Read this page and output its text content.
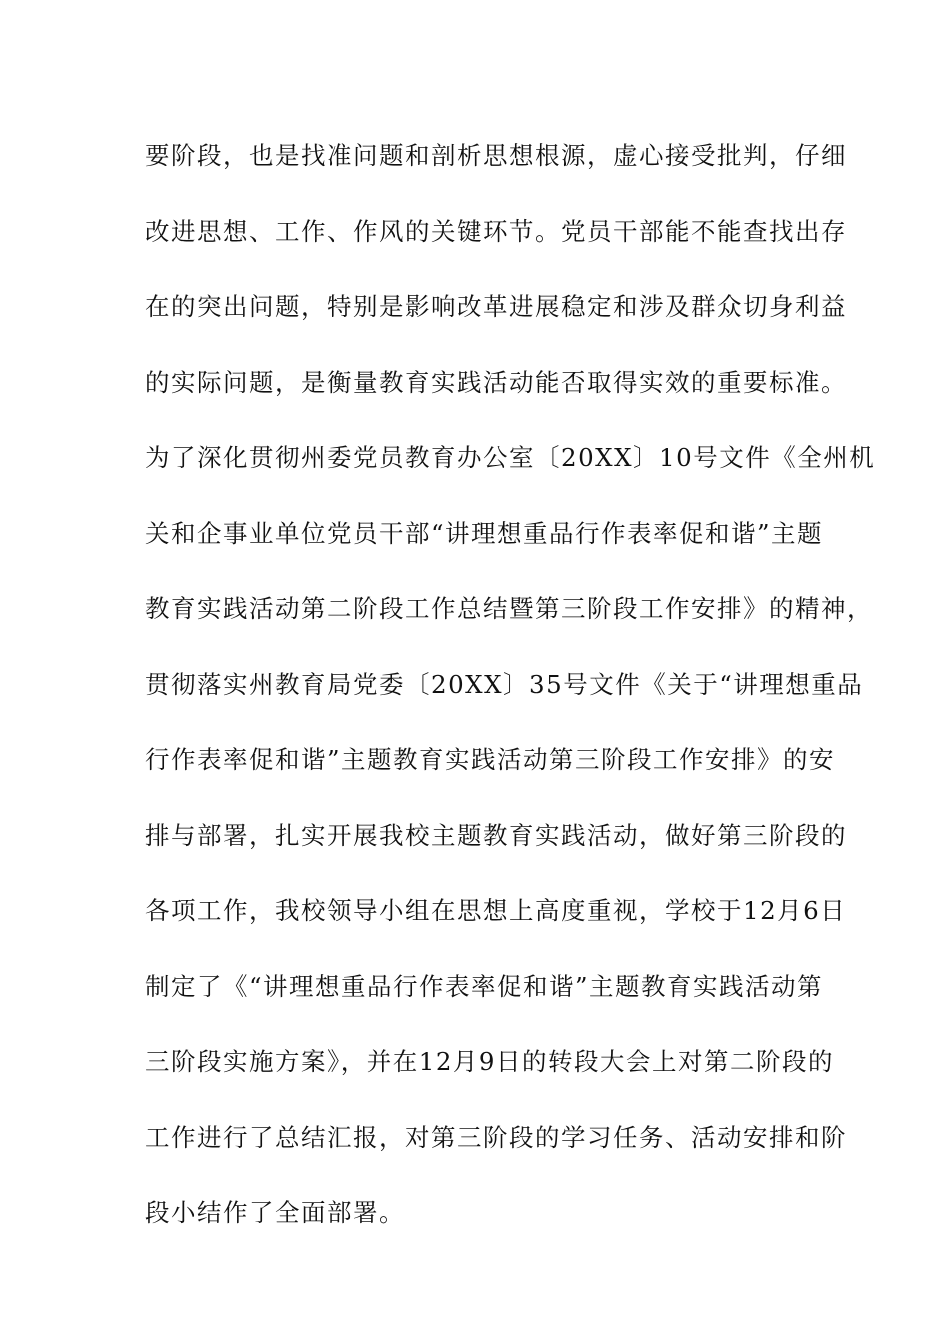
要阶段，也是找准问题和剖析思想根源，虚心接受批判，仔细
改进思想、工作、作风的关键环节。党员干部能不能查找出存
在的突出问题，特别是影响改革进展稳定和涉及群众切身利益
的实际问题，是衡量教育实践活动能否取得实效的重要标准。
为了深化贯彻州委党员教育办公室〔20XX〕10号文件《全州机
关和企事业单位党员干部“讲理想重品行作表率促和谐”主题
教育实践活动第二阶段工作总结暨第三阶段工作安排》的精神，
贯彻落实州教育局党委〔20XX〕35号文件《关于“讲理想重品
行作表率促和谐”主题教育实践活动第三阶段工作安排》的安
排与部署，扎实开展我校主题教育实践活动，做好第三阶段的
各项工作，我校领导小组在思想上高度重视，学校于12月6日
制定了《“讲理想重品行作表率促和谐”主题教育实践活动第
三阶段实施方案》，并在12月9日的转段大会上对第二阶段的
工作进行了总结汇报，对第三阶段的学习任务、活动安排和阶
段小结作了全面部署。
